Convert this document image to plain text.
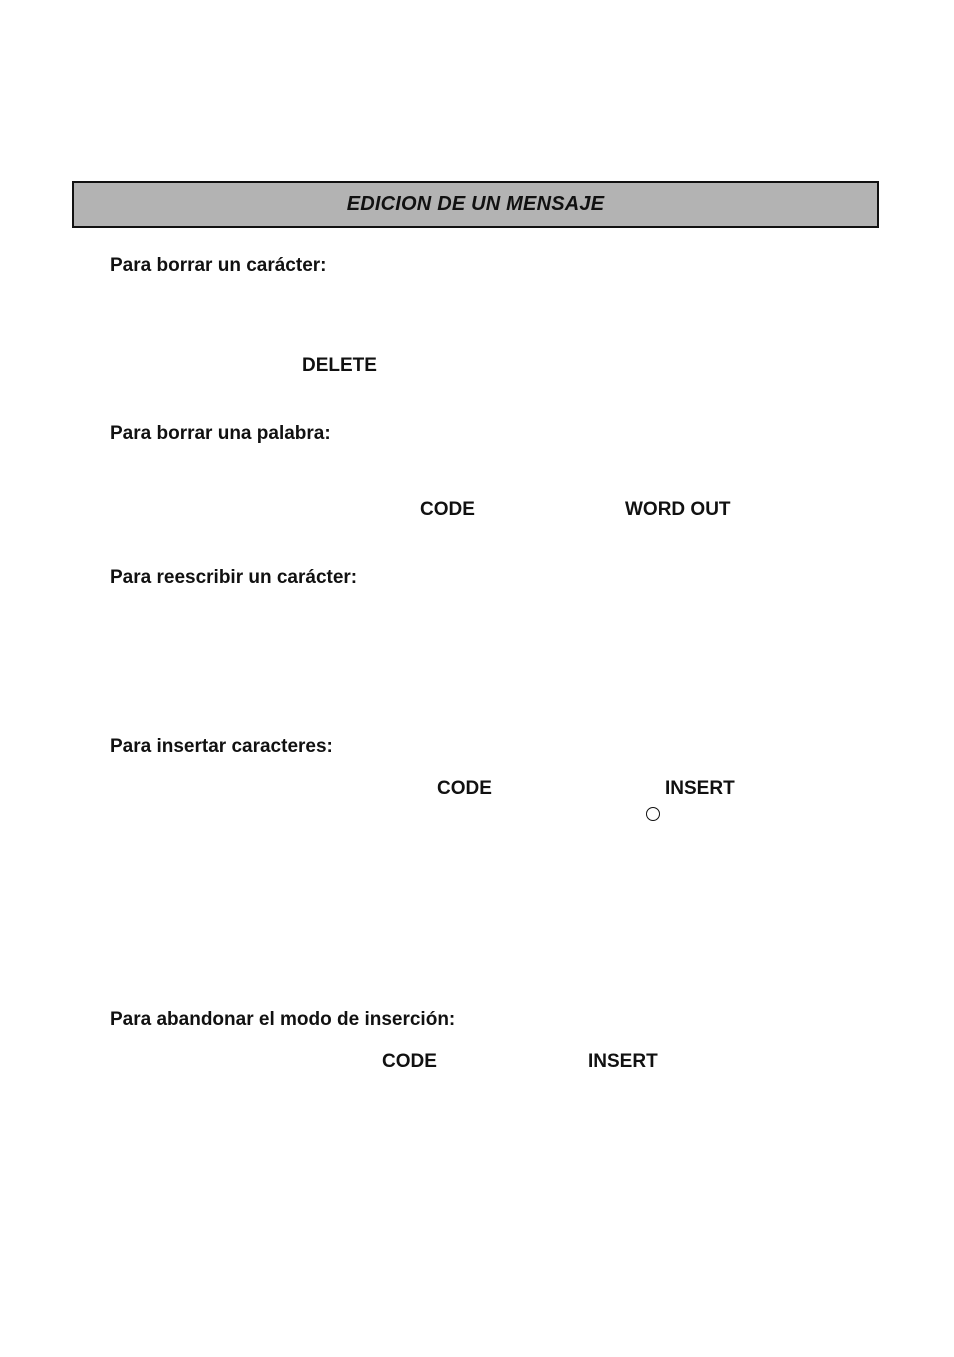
EDICION DE UN MENSAJE
Para borrar un carácter:
DELETE
Para borrar una palabra:
CODE	WORD OUT
Para reescribir un carácter:
Para insertar caracteres:
CODE	INSERT
Para abandonar el modo de inserción:
CODE	INSERT
